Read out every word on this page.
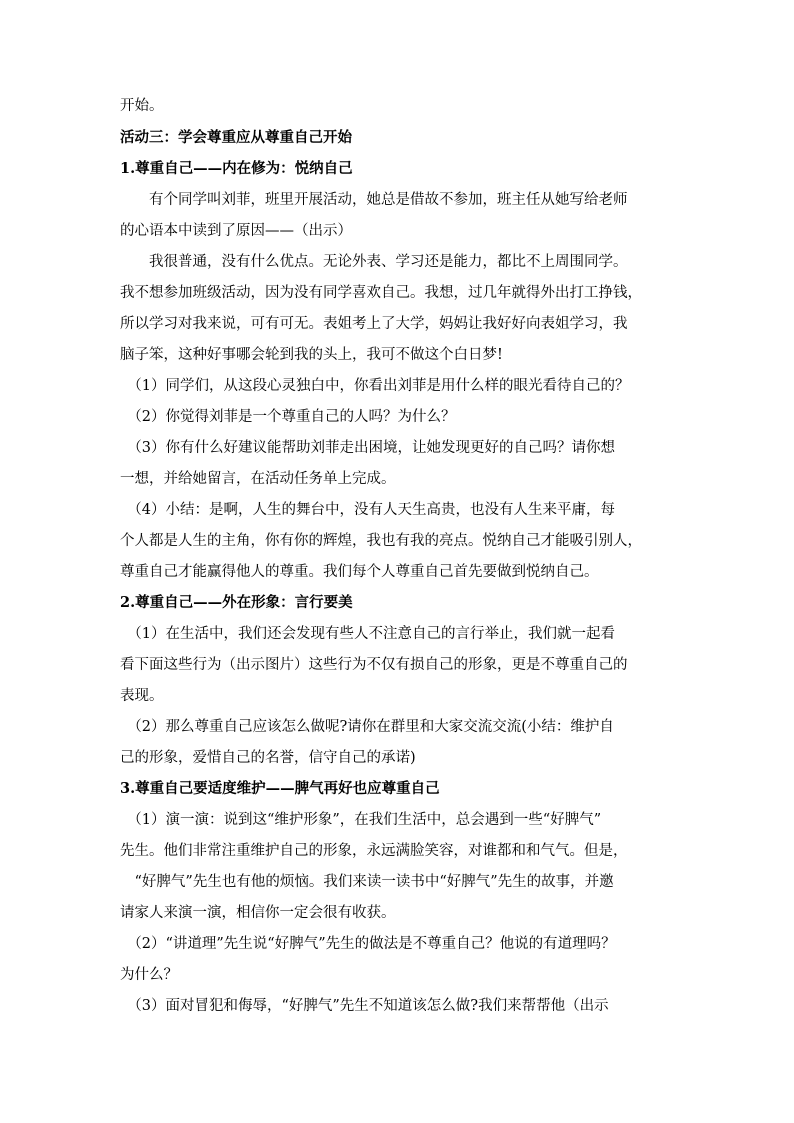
开始。
活动三：学会尊重应从尊重自己开始
1.尊重自己——内在修为：悦纳自己
　　有个同学叫刘菲，班里开展活动，她总是借故不参加，班主任从她写给老师
的心语本中读到了原因——（出示）
　　我很普通，没有什么优点。无论外表、学习还是能力，都比不上周围同学。
我不想参加班级活动，因为没有同学喜欢自己。我想，过几年就得外出打工挣钱，
所以学习对我来说，可有可无。表姐考上了大学，妈妈让我好好向表姐学习，我
脑子笨，这种好事哪会轮到我的头上，我可不做这个白日梦!
　（1）同学们，从这段心灵独白中，你看出刘菲是用什么样的眼光看待自己的？
　（2）你觉得刘菲是一个尊重自己的人吗？为什么？
　（3）你有什么好建议能帮助刘菲走出困境，让她发现更好的自己吗？请你想
一想，并给她留言，在活动任务单上完成。
　（4）小结：是啊，人生的舞台中，没有人天生高贵，也没有人生来平庸，每
个人都是人生的主角，你有你的辉煌，我也有我的亮点。悦纳自己才能吸引别人，
尊重自己才能赢得他人的尊重。我们每个人尊重自己首先要做到悦纳自己。
2.尊重自己——外在形象：言行要美
　（1）在生活中，我们还会发现有些人不注意自己的言行举止，我们就一起看
看下面这些行为（出示图片）这些行为不仅有损自己的形象，更是不尊重自己的
表现。
　（2）那么尊重自己应该怎么做呢?请你在群里和大家交流交流(小结：维护自
己的形象，爱惜自己的名誉，信守自己的承诺)
3.尊重自己要适度维护——脾气再好也应尊重自己
　（1）演一演：说到这“维护形象”，在我们生活中，总会遇到一些“好脾气”
先生。他们非常注重维护自己的形象，永远满脸笑容，对谁都和和气气。但是，
　“好脾气”先生也有他的烦恼。我们来读一读书中“好脾气”先生的故事，并邀
请家人来演一演，相信你一定会很有收获。
　（2）“讲道理”先生说“好脾气”先生的做法是不尊重自己？他说的有道理吗？
为什么？
　（3）面对冒犯和侮辱，“好脾气”先生不知道该怎么做?我们来帮帮他（出示
